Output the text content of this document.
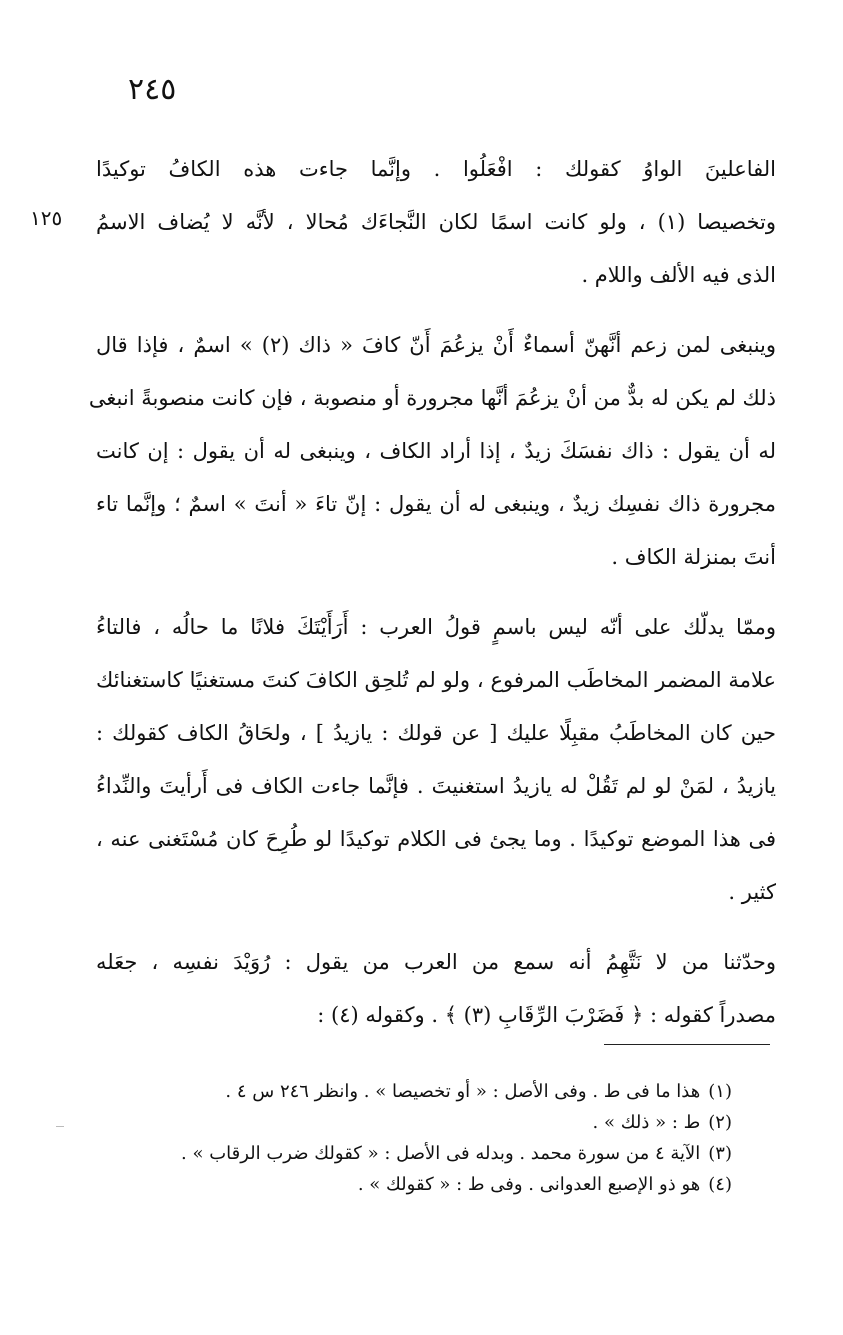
٢٤٥
١٢٥
الفاعلينَ الواوُ كقولك : افْعَلُوا . وإنَّما جاءت هذه الكافُ توكيدًا
وتخصيصا (١) ، ولو كانت اسمًا لكان النَّجاءَك مُحالا ، لأنَّه لا يُضاف الاسمُ
الذى فيه الألف واللام .
وينبغى لمن زعم أنَّهنّ أسماءٌ أَنْ يزعُمَ أَنّ كافَ « ذاك (٢) » اسمٌ ، فإذا قال
ذلك لم يكن له بدٌّ من أنْ يزعُمَ أنَّها مجرورة أو منصوبة ، فإن كانت منصوبةً انبغى
له أن يقول : ذاك نفسَكَ زيدٌ ، إذا أراد الكاف ، وينبغى له أن يقول : إن كانت
مجرورة ذاك نفسِك زيدٌ ، وينبغى له أن يقول : إنّ تاءَ « أنتَ » اسمٌ ؛ وإنَّما تاء
أنتَ بمنزلة الكاف .
وممّا يدلّك على أنّه ليس باسمٍ قولُ العرب : أَرَأَيْتَكَ فلانًا ما حالُه ، فالتاءُ
علامة المضمر المخاطَب المرفوع ، ولو لم تُلحِق الكافَ كنتَ مستغنيًا كاستغنائك
حين كان المخاطَبُ مقبِلًا عليك [ عن قولك : يازيدُ ] ، ولحَاقُ الكاف كقولك :
يازيدُ ، لمَنْ لو لم تَقُلْ له يازيدُ استغنيتَ . فإنَّما جاءت الكاف فى أَرأيتَ والنِّداءُ
فى هذا الموضع توكيدًا . وما يجئ فى الكلام توكيدًا لو طُرِحَ كان مُسْتَغنى عنه ،
كثير .
وحدّثنا من لا نَتَّهِمُ أنه سمع من العرب من يقول : رُوَيْدَ نفسِه ، جعَله
مصدراً كقوله : ﴿ فَضَرْبَ الرِّقَابِ (٣) ﴾ . وكقوله (٤) :
(١)هذا ما فى ط . وفى الأصل : « أو تخصيصا » . وانظر ٢٤٦ س ٤ .
(٢)ط : « ذلك » .
(٣)الآية ٤ من سورة محمد . وبدله فى الأصل : « كقولك ضرب الرقاب » .
(٤)هو ذو الإصبع العدوانى . وفى ط : « كقولك » .
